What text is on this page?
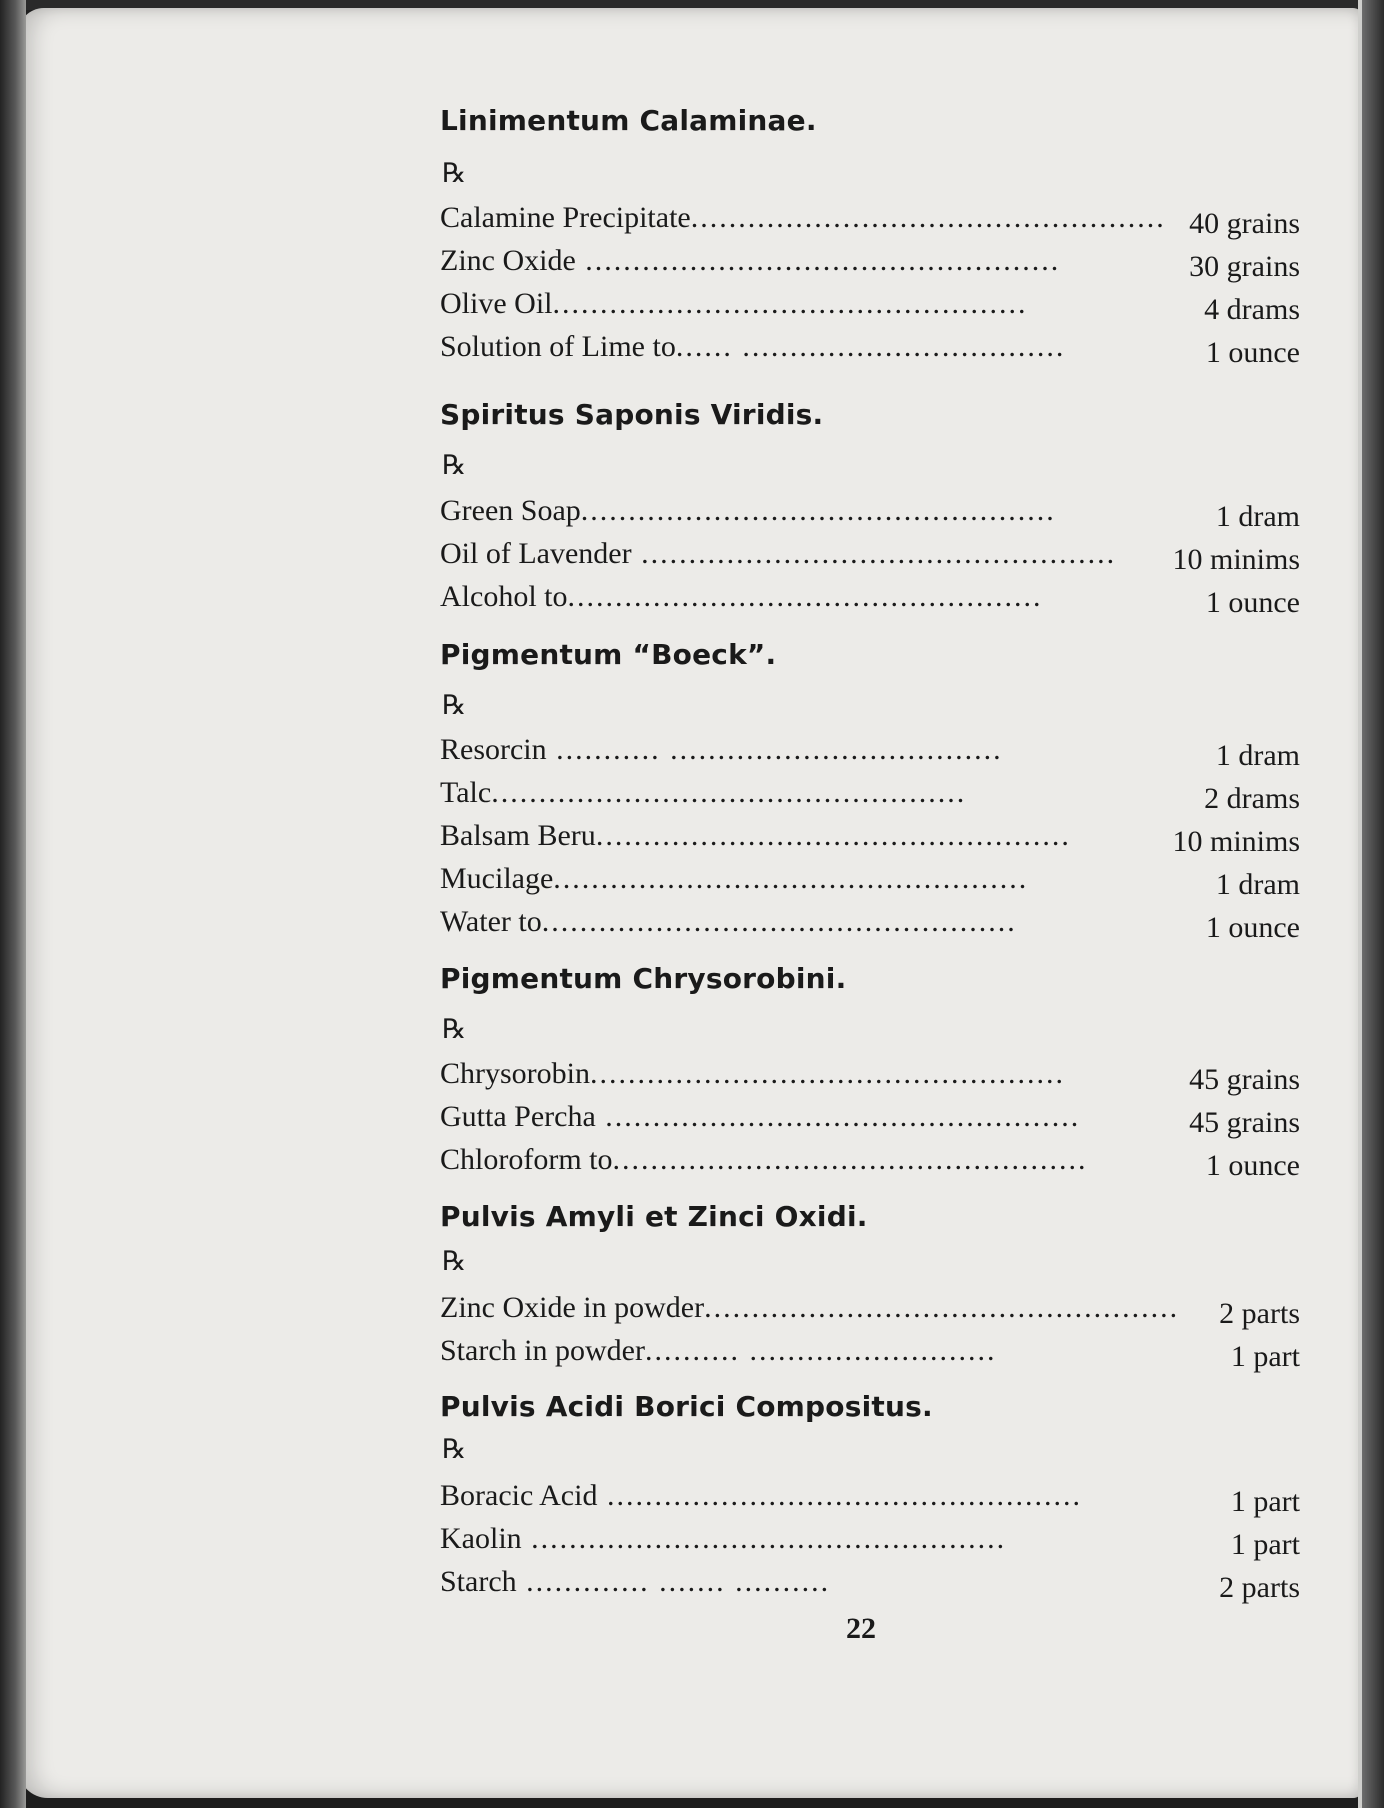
Linimentum Calaminae.
℞
Calamine Precipitate.................................................. 40 grains
Zinc Oxide ..................................................	30 grains
Olive Oil..................................................	4 drams
Solution of Lime to...... ..................................	1 ounce
Spiritus Saponis Viridis.
℞
Green Soap..................................................	1 dram
Oil of Lavender .................................................. 10 minims
Alcohol to..................................................	1 ounce
Pigmentum “Boeck”.
℞
Resorcin ........... ...................................	1 dram
Talc..................................................	2 drams
Balsam Beru..................................................	10 minims
Mucilage..................................................	1 dram
Water to..................................................	1 ounce
Pigmentum Chrysorobini.
℞
Chrysorobin..................................................	45 grains
Gutta Percha ..................................................	45 grains
Chloroform to..................................................	1 ounce
Pulvis Amyli et Zinci Oxidi.
℞
Zinc Oxide in powder.................................................. 2 parts
Starch in powder.......... ..........................	1 part
Pulvis Acidi Borici Compositus.
℞
Boracic Acid ..................................................	1 part
Kaolin ..................................................	1 part
Starch ............. ....... ..........	2 parts
22
